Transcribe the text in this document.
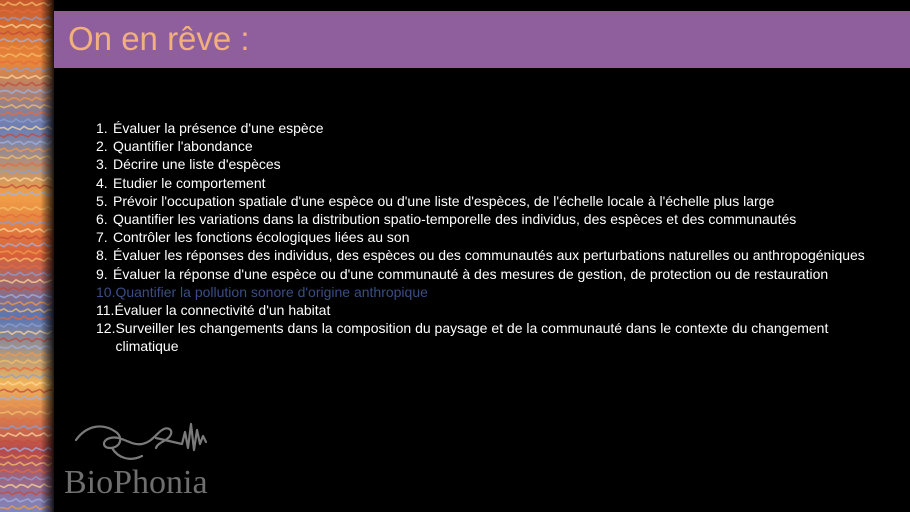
On en rêve :
1. Évaluer la présence d'une espèce
2. Quantifier l'abondance
3. Décrire une liste d'espèces
4. Etudier le comportement
5. Prévoir l'occupation spatiale d'une espèce ou d'une liste d'espèces, de l'échelle locale à l'échelle plus large
6. Quantifier les variations dans la distribution spatio-temporelle des individus, des espèces et des communautés
7. Contrôler les fonctions écologiques liées au son
8. Évaluer les réponses des individus, des espèces ou des communautés aux perturbations naturelles ou anthropogéniques
9. Évaluer la réponse d'une espèce ou d'une communauté à des mesures de gestion, de protection ou de restauration
10. Quantifier la pollution sonore d'origine anthropique
11. Évaluer la connectivité d'un habitat
12. Surveiller les changements dans la composition du paysage et de la communauté dans le contexte du changement climatique
BioPhonia
